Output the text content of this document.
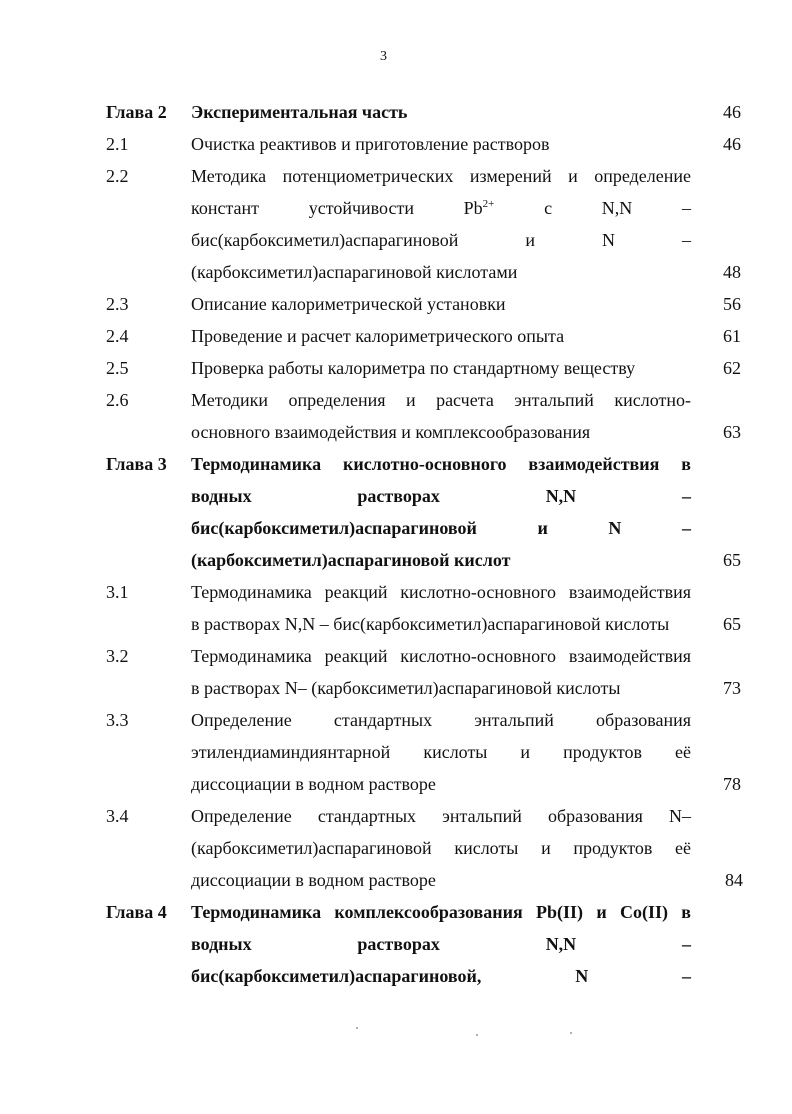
3
Глава 2 Экспериментальная часть	46
2.1	Очистка реактивов и приготовление растворов	46
2.2	Методика потенциометрических измерений и определение
констант	устойчивости	$Pb^{2+}$	с	N,N	–
бис(карбоксиметил)аспарагиновой	и	N	–
(карбоксиметил)аспарагиновой кислотами	48
2.3	Описание калориметрической установки	56
2.4	Проведение и расчет калориметрического опыта	61
2.5	Проверка работы калориметра по стандартному веществу	62
2.6	Методики определения и расчета энтальпий кислотно-
основного взаимодействия и комплексообразования	63
Глава 3 Термодинамика кислотно-основного взаимодействия в
водных	растворах	N,N	–
бис(карбоксиметил)аспарагиновой	и	N	–
(карбоксиметил)аспарагиновой кислот	65
3.1	Термодинамика реакций кислотно-основного взаимодействия
в растворах N,N – бис(карбоксиметил)аспарагиновой кислоты	65
3.2	Термодинамика реакций кислотно-основного взаимодействия
в растворах N– (карбоксиметил)аспарагиновой кислоты	73
3.3	Определение стандартных энтальпий образования
этилендиаминдиянтарной кислоты и продуктов её
диссоциации в водном растворе	78
3.4	Определение стандартных энтальпий образования N–
(карбоксиметил)аспарагиновой кислоты и продуктов её
диссоциации в водном растворе	84
Глава 4 Термодинамика комплексообразования Pb(II) и Co(II) в
водных	растворах	N,N	–
бис(карбоксиметил)аспарагиновой,	N	–
